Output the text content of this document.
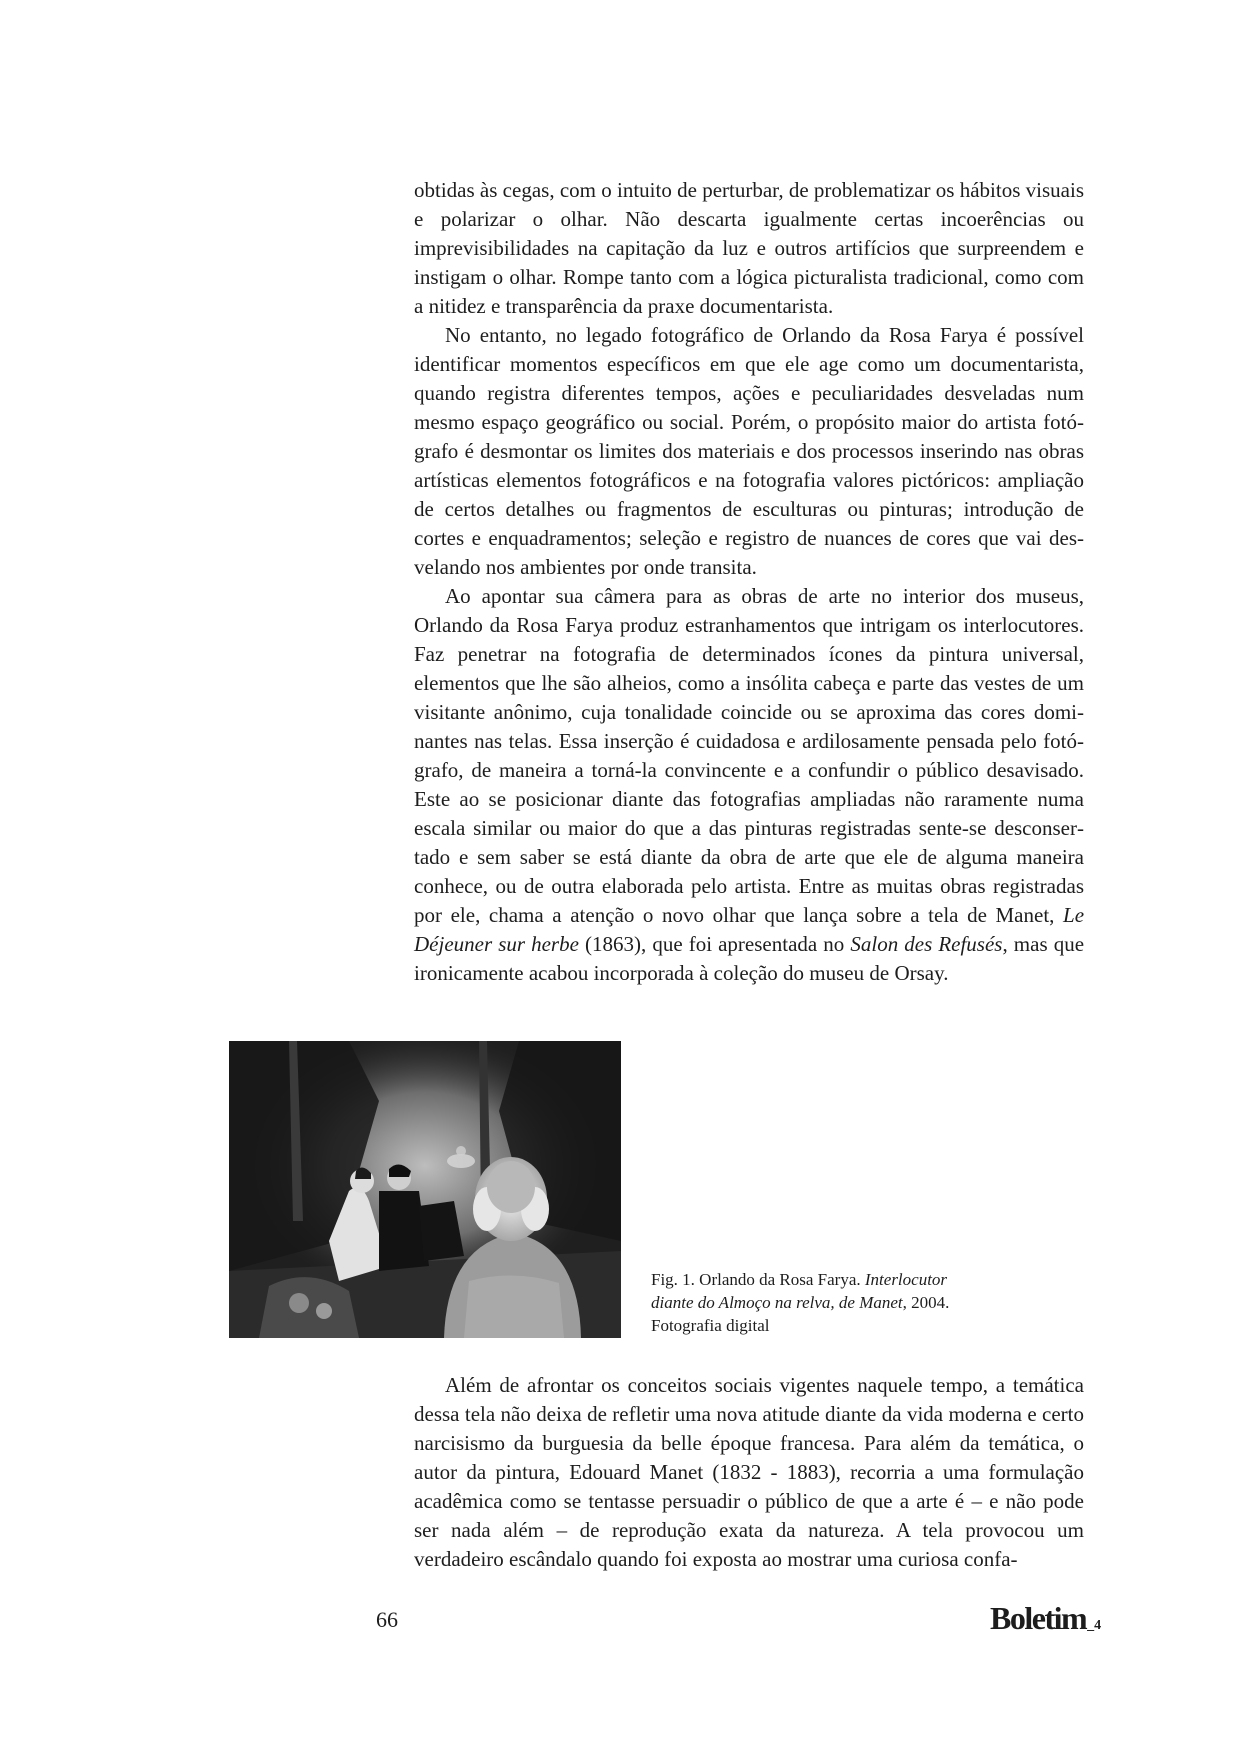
obtidas às cegas, com o intuito de perturbar, de problematizar os hábitos visuais e polarizar o olhar. Não descarta igualmente certas incoerências ou imprevisibilidades na capitação da luz e outros artifícios que surpreendem e instigam o olhar. Rompe tanto com a lógica picturalista tradicional, como com a nitidez e transparência da praxe documentarista.

No entanto, no legado fotográfico de Orlando da Rosa Farya é possível identificar momentos específicos em que ele age como um documentarista, quando registra diferentes tempos, ações e peculiaridades desveladas num mesmo espaço geográfico ou social. Porém, o propósito maior do artista fotógrafo é desmontar os limites dos materiais e dos processos inserindo nas obras artísticas elementos fotográficos e na fotografia valores pictóricos: ampliação de certos detalhes ou fragmentos de esculturas ou pinturas; introdução de cortes e enquadramentos; seleção e registro de nuances de cores que vai desvelando nos ambientes por onde transita.

Ao apontar sua câmera para as obras de arte no interior dos museus, Orlando da Rosa Farya produz estranhamentos que intrigam os interlocutores. Faz penetrar na fotografia de determinados ícones da pintura universal, elementos que lhe são alheios, como a insólita cabeça e parte das vestes de um visitante anônimo, cuja tonalidade coincide ou se aproxima das cores dominantes nas telas. Essa inserção é cuidadosa e ardilosamente pensada pelo fotógrafo, de maneira a torná-la convincente e a confundir o público desavisado. Este ao se posicionar diante das fotografias ampliadas não raramente numa escala similar ou maior do que a das pinturas registradas sente-se desconsertado e sem saber se está diante da obra de arte que ele de alguma maneira conhece, ou de outra elaborada pelo artista. Entre as muitas obras registradas por ele, chama a atenção o novo olhar que lança sobre a tela de Manet, Le Déjeuner sur herbe (1863), que foi apresentada no Salon des Refusés, mas que ironicamente acabou incorporada à coleção do museu de Orsay.

Fig. 1. Orlando da Rosa Farya. Interlocutor diante do Almoço na relva, de Manet, 2004.
Fotografia digital

Além de afrontar os conceitos sociais vigentes naquele tempo, a temática dessa tela não deixa de refletir uma nova atitude diante da vida moderna e certo narcisismo da burguesia da belle époque francesa. Para além da temática, o autor da pintura, Edouard Manet (1832 - 1883), recorria a uma formulação acadêmica como se tentasse persuadir o público de que a arte é – e não pode ser nada além – de reprodução exata da natureza. A tela provocou um verdadeiro escândalo quando foi exposta ao mostrar uma curiosa confa-

66	Boletim_4
